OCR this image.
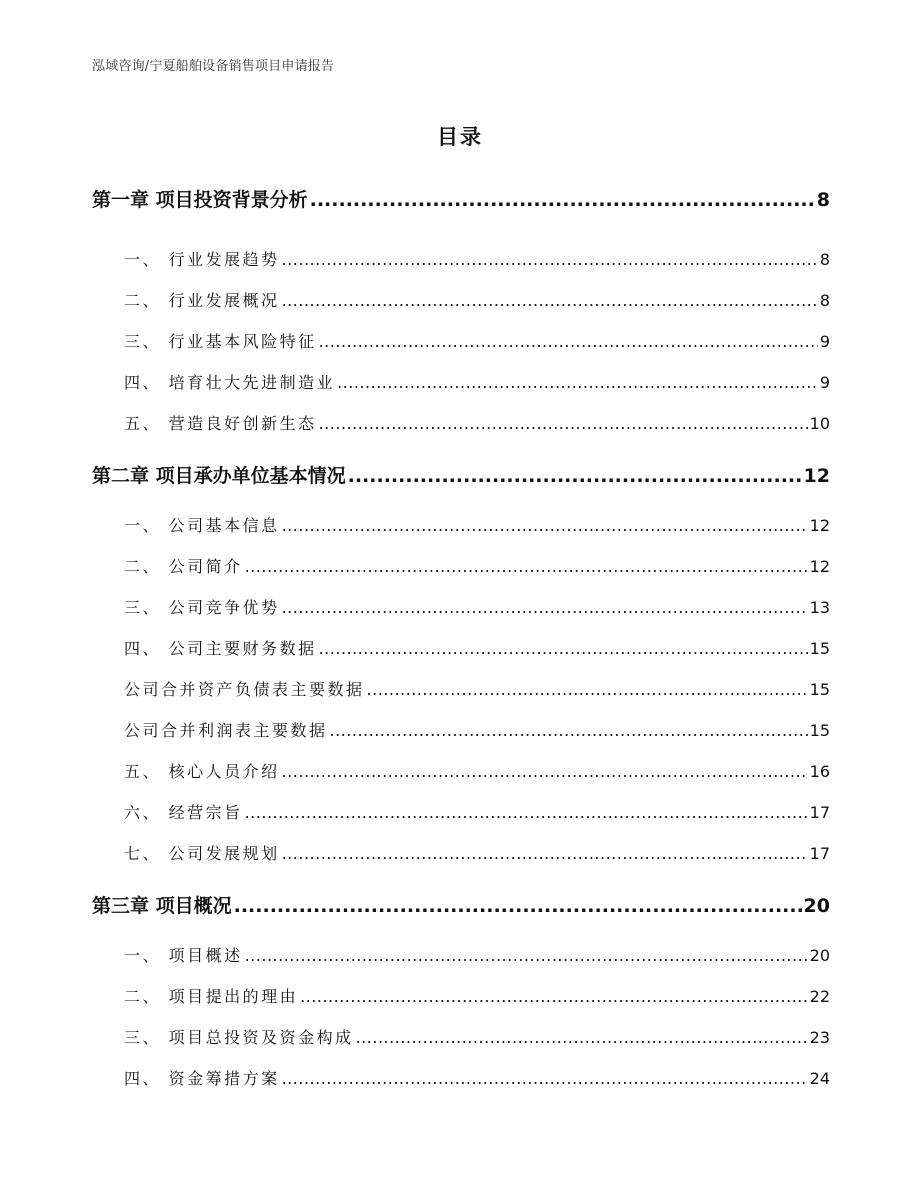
泓域咨询/宁夏船舶设备销售项目申请报告
目录
第一章 项目投资背景分析 .....	8
一、 行业发展趋势 .....	8
二、 行业发展概况 .....	8
三、 行业基本风险特征 .....	9
四、 培育壮大先进制造业 .....	9
五、 营造良好创新生态 .....	10
第二章 项目承办单位基本情况 .....	12
一、 公司基本信息 .....	12
二、 公司简介 .....	12
三、 公司竞争优势 .....	13
四、 公司主要财务数据 .....	15
公司合并资产负债表主要数据 .....	15
公司合并利润表主要数据 .....	15
五、 核心人员介绍 .....	16
六、 经营宗旨 .....	17
七、 公司发展规划 .....	17
第三章 项目概况 .....	20
一、 项目概述 .....	20
二、 项目提出的理由 .....	22
三、 项目总投资及资金构成 .....	23
四、 资金筹措方案 .....	24
